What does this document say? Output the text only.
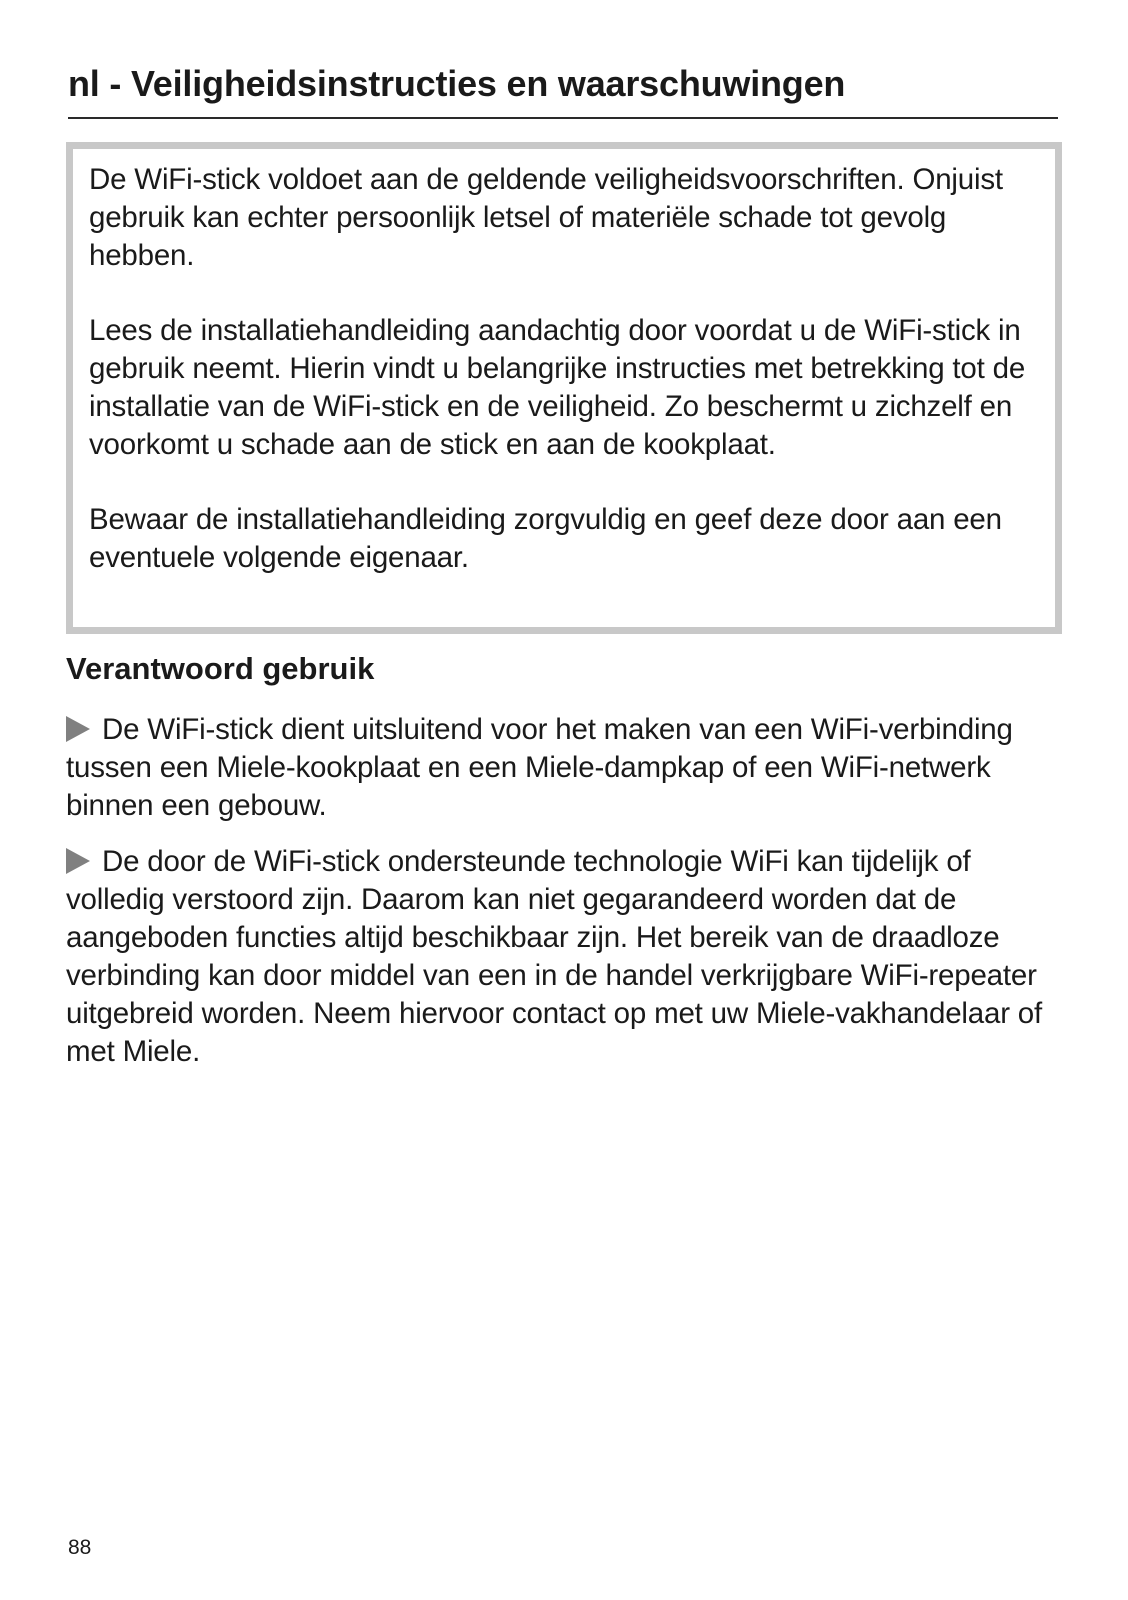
nl - Veiligheidsinstructies en waarschuwingen

De WiFi-stick voldoet aan de geldende veiligheidsvoorschriften. Onjuist gebruik kan echter persoonlijk letsel of materiële schade tot gevolg hebben.

Lees de installatiehandleiding aandachtig door voordat u de WiFi-stick in gebruik neemt. Hierin vindt u belangrijke instructies met betrekking tot de installatie van de WiFi-stick en de veiligheid. Zo beschermt u zichzelf en voorkomt u schade aan de stick en aan de kookplaat.

Bewaar de installatiehandleiding zorgvuldig en geef deze door aan een eventuele volgende eigenaar.

Verantwoord gebruik
De WiFi-stick dient uitsluitend voor het maken van een WiFi-verbinding tussen een Miele-kookplaat en een Miele-dampkap of een WiFi-netwerk binnen een gebouw.
De door de WiFi-stick ondersteunde technologie WiFi kan tijdelijk of volledig verstoord zijn. Daarom kan niet gegarandeerd worden dat de aangeboden functies altijd beschikbaar zijn. Het bereik van de draadloze verbinding kan door middel van een in de handel verkrijgbare WiFi-repeater uitgebreid worden. Neem hiervoor contact op met uw Miele-vakhandelaar of met Miele.
88
